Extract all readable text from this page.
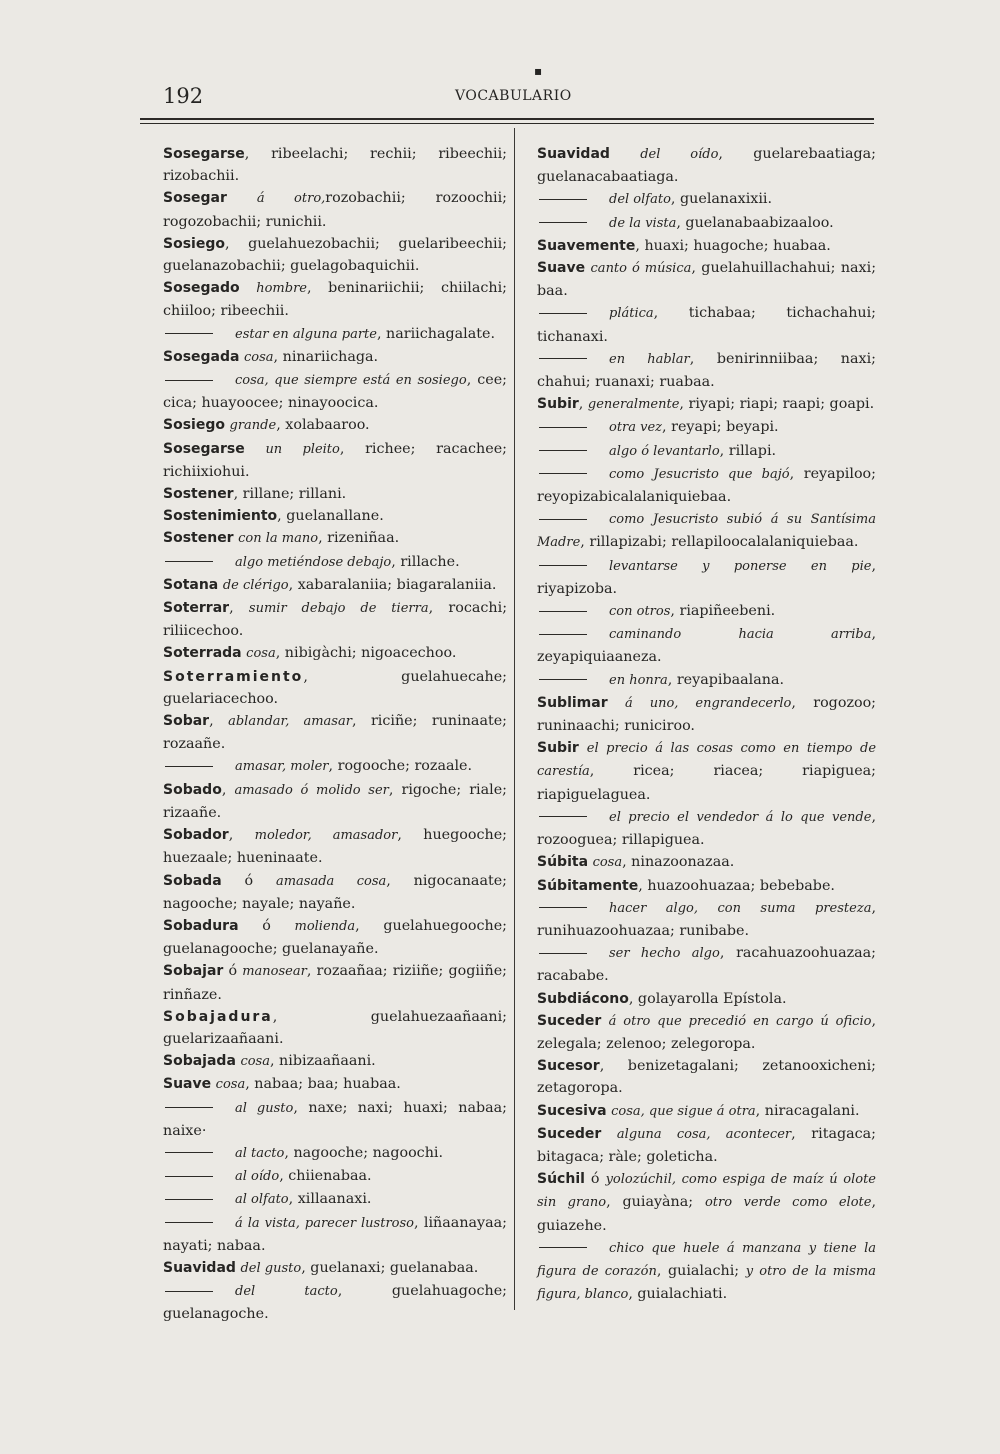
▪
192	VOCABULARIO
Sosegarse, ribeelachi; rechii; ribeechii; rizobachii.
Sosegar á otro,rozobachii; rozoochii; rogozobachii; runichii.
Sosiego, guelahuezobachii; guelaribeechii; guelanazobachii; guelagobaquichii.
Sosegado hombre, beninariichii; chiilachi; chiiloo; ribeechii.
estar en alguna parte, nariichagalate.
Sosegada cosa, ninariichaga.
cosa, que siempre está en sosiego, cee; cica; huayoocee; ninayoocica.
Sosiego grande, xolabaaroo.
Sosegarse un pleito, richee; racachee; richiixiohui.
Sostener, rillane; rillani.
Sostenimiento, guelanallane.
Sostener con la mano, rizeniñaa.
algo metiéndose debajo, rillache.
Sotana de clérigo, xabaralaniia; biagaralaniia.
Soterrar, sumir debajo de tierra, rocachi; riliicechoo.
Soterrada cosa, nibigàchi; nigoacechoo.
Soterramiento, guelahuecahe; guelariacechoo.
Sobar, ablandar, amasar, riciñe; runinaate; rozaañe.
amasar, moler, rogooche; rozaale.
Sobado, amasado ó molido ser, rigoche; riale; rizaañe.
Sobador, moledor, amasador, huegooche; huezaale; hueninaate.
Sobada ó amasada cosa, nigocanaate; nagooche; nayale; nayañe.
Sobadura ó molienda, guelahuegooche; guelanagooche; guelanayañe.
Sobajar ó manosear, rozaañaa; riziiñe; gogiiñe; rinñaze.
Sobajadura, guelahuezaañaani; guelarizaañaani.
Sobajada cosa, nibizaañaani.
Suave cosa, nabaa; baa; huabaa.
al gusto, naxe; naxi; huaxi; nabaa; naixe·
al tacto, nagooche; nagoochi.
al oído, chiienabaa.
al olfato, xillaanaxi.
á la vista, parecer lustroso, liñaanayaa; nayati; nabaa.
Suavidad del gusto, guelanaxi; guelanabaa.
del tacto, guelahuagoche; guelanagoche.
Suavidad del oído, guelarebaatiaga; guelanacabaatiaga.
del olfato, guelanaxixii.
de la vista, guelanabaabizaaloo.
Suavemente, huaxi; huagoche; huabaa.
Suave canto ó música, guelahuillachahui; naxi; baa.
plática, tichabaa; tichachahui; tichanaxi.
en hablar, benirinniibaa; naxi; chahui; ruanaxi; ruabaa.
Subir, generalmente, riyapi; riapi; raapi; goapi.
otra vez, reyapi; beyapi.
algo ó levantarlo, rillapi.
como Jesucristo que bajó, reyapiloo; reyopizabicalalaniquiebaa.
como Jesucristo subió á su Santísima Madre, rillapizabi; rellapiloocalalaniquiebaa.
levantarse y ponerse en pie, riyapizoba.
con otros, riapiñeebeni.
caminando hacia arriba, zeyapiquiaaneza.
en honra, reyapibaalana.
Sublimar á uno, engrandecerlo, rogozoo; runinaachi; runiciroo.
Subir el precio á las cosas como en tiempo de carestía, ricea; riacea; riapiguea; riapiguelaguea.
el precio el vendedor á lo que vende, rozooguea; rillapiguea.
Súbita cosa, ninazoonazaa.
Súbitamente, huazoohuazaa; bebebabe.
hacer algo, con suma presteza, runihuazoohuazaa; runibabe.
ser hecho algo, racahuazoohuazaa; racababe.
Subdiácono, golayarolla Epístola.
Suceder á otro que precedió en cargo ú oficio, zelegala; zelenoo; zelegoropa.
Sucesor, benizetagalani; zetanooxicheni; zetagoropa.
Sucesiva cosa, que sigue á otra, niracagalani.
Suceder alguna cosa, acontecer, ritagaca; bitagaca; ràle; goleticha.
Súchil ó yolozúchil, como espiga de maíz ú olote sin grano, guiayàna; otro verde como elote, guiazehe.
chico que huele á manzana y tiene la figura de corazón, guialachi; y otro de la misma figura, blanco, guialachiati.
